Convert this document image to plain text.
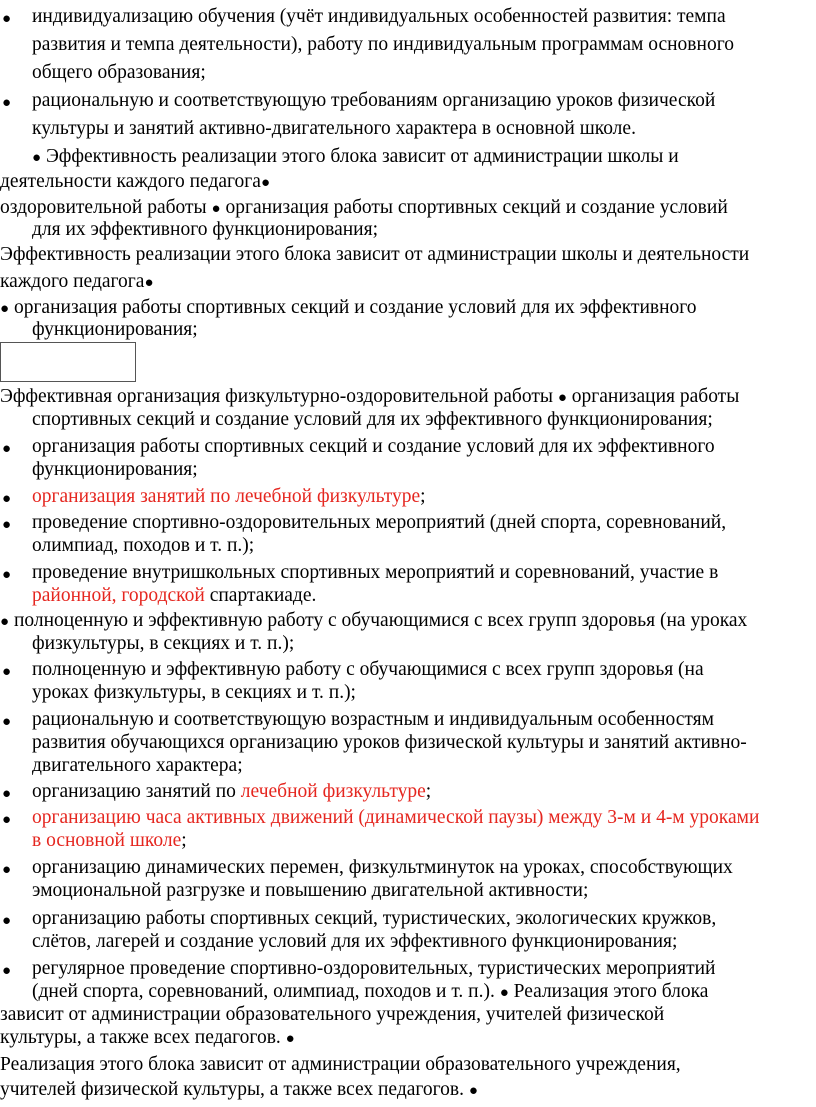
● индивидуализацию обучения (учёт индивидуальных особенностей развития: темпа
развития и темпа деятельности), работу по индивидуальным программам основного
общего образования;
● рациональную и соответствующую требованиям организацию уроков физической
культуры и занятий активно-двигательного характера в основной школе.
● Эффективность реализации этого блока зависит от администрации школы и
деятельности каждого педагога●
оздоровительной работы ● организация работы спортивных секций и создание условий
для их эффективного функционирования;
Эффективность реализации этого блока зависит от администрации школы и деятельности
каждого педагога●
● организация работы спортивных секций и создание условий для их эффективного
функционирования;
Эффективная организация физкультурно-оздоровительной работы ● организация работы
спортивных секций и создание условий для их эффективного функционирования;
● организация работы спортивных секций и создание условий для их эффективного
функционирования;
● организация занятий по лечебной физкультуре;
● проведение спортивно-оздоровительных мероприятий (дней спорта, соревнований,
олимпиад, походов и т. п.);
● проведение внутришкольных спортивных мероприятий и соревнований, участие в
районной, городской спартакиаде.
● полноценную и эффективную работу с обучающимися с всех групп здоровья (на уроках
физкультуры, в секциях и т. п.);
● полноценную и эффективную работу с обучающимися с всех групп здоровья (на
уроках физкультуры, в секциях и т. п.);
● рациональную и соответствующую возрастным и индивидуальным особенностям
развития обучающихся организацию уроков физической культуры и занятий активно-
двигательного характера;
● организацию занятий по лечебной физкультуре;
● организацию часа активных движений (динамической паузы) между 3-м и 4-м уроками
в основной школе;
● организацию динамических перемен, физкультминуток на уроках, способствующих
эмоциональной разгрузке и повышению двигательной активности;
● организацию работы спортивных секций, туристических, экологических кружков,
слётов, лагерей и создание условий для их эффективного функционирования;
● регулярное проведение спортивно-оздоровительных, туристических мероприятий
(дней спорта, соревнований, олимпиад, походов и т. п.). ● Реализация этого блока
зависит от администрации образовательного учреждения, учителей физической
культуры, а также всех педагогов. ●
Реализация этого блока зависит от администрации образовательного учреждения,
учителей физической культуры, а также всех педагогов. ●
